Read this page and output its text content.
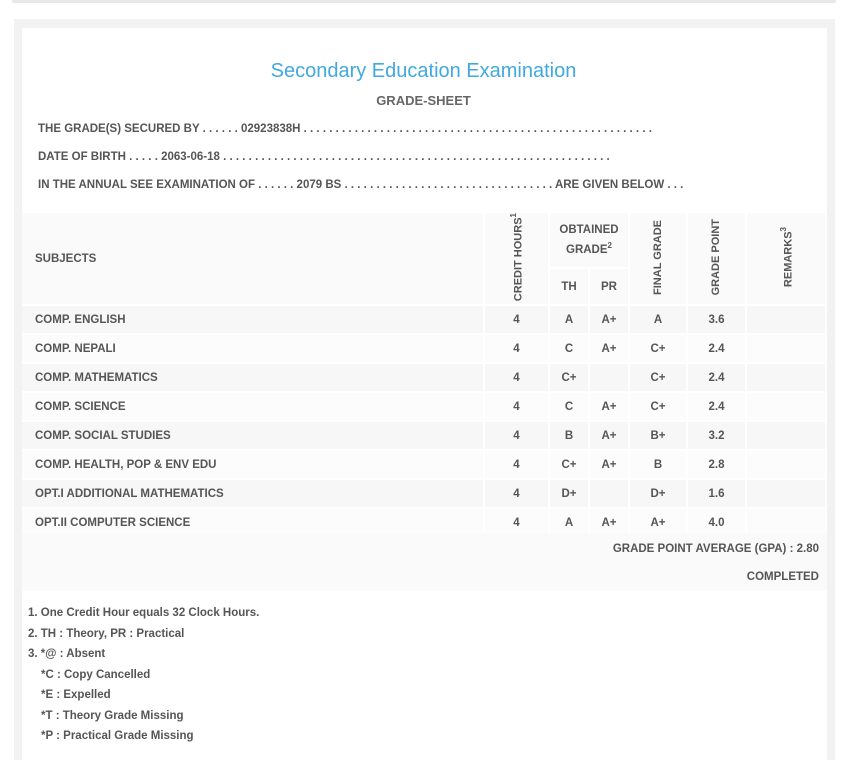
Secondary Education Examination
GRADE-SHEET
THE GRADE(S) SECURED BY . . . . . . 02923838H . . . . . . . . . . . . . . . . . . . . . . . . . . . . . . . . . . . . . . . . . . . . . . . . . . . . . . .
DATE OF BIRTH . . . . . 2063-06-18 . . . . . . . . . . . . . . . . . . . . . . . . . . . . . . . . . . . . . . . . . . . . . . . . . . . . . . . . . . . . .
IN THE ANNUAL SEE EXAMINATION OF . . . . . . 2079 BS . . . . . . . . . . . . . . . . . . . . . . . . . . . . . . . . . ARE GIVEN BELOW . . .
SUBJECTS	CREDIT HOURS$^1$	OBTAINED GRADE$^2$		FINAL GRADE	GRADE POINT	REMARKS$^3$
		TH	PR			
COMP. ENGLISH	4	A	A+	A	3.6	
COMP. NEPALI	4	C	A+	C+	2.4	
COMP. MATHEMATICS	4	C+		C+	2.4	
COMP. SCIENCE	4	C	A+	C+	2.4	
COMP. SOCIAL STUDIES	4	B	A+	B+	3.2	
COMP. HEALTH, POP & ENV EDU	4	C+	A+	B	2.8	
OPT.I ADDITIONAL MATHEMATICS	4	D+		D+	1.6	
OPT.II COMPUTER SCIENCE	4	A	A+	A+	4.0	
GRADE POINT AVERAGE (GPA) : 2.80
COMPLETED
1. One Credit Hour equals 32 Clock Hours.
2. TH : Theory, PR : Practical
3. *@ : Absent
*C : Copy Cancelled
*E : Expelled
*T : Theory Grade Missing
*P : Practical Grade Missing
